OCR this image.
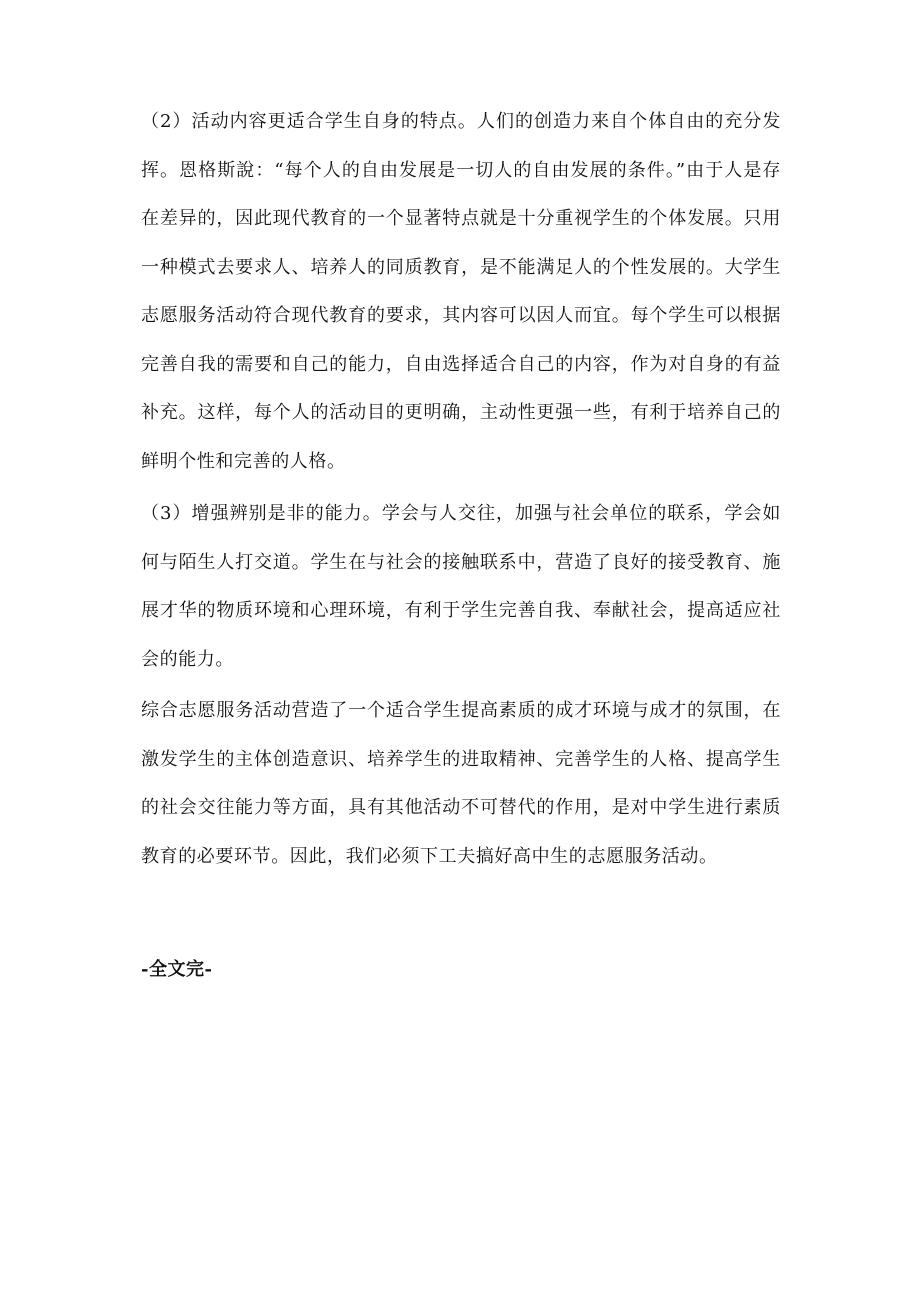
（2）活动内容更适合学生自身的特点。人们的创造力来自个体自由的充分发挥。恩格斯說：“每个人的自由发展是一切人的自由发展的条件。”由于人是存在差异的，因此现代教育的一个显著特点就是十分重视学生的个体发展。只用一种模式去要求人、培养人的同质教育，是不能满足人的个性发展的。大学生志愿服务活动符合现代教育的要求，其内容可以因人而宜。每个学生可以根据完善自我的需要和自己的能力，自由选择适合自己的内容，作为对自身的有益补充。这样，每个人的活动目的更明确，主动性更强一些，有利于培养自己的鲜明个性和完善的人格。

（3）增强辨别是非的能力。学会与人交往，加强与社会单位的联系，学会如何与陌生人打交道。学生在与社会的接触联系中，营造了良好的接受教育、施展才华的物质环境和心理环境，有利于学生完善自我、奉献社会，提高适应社会的能力。

综合志愿服务活动营造了一个适合学生提高素质的成才环境与成才的氛围，在激发学生的主体创造意识、培养学生的进取精神、完善学生的人格、提高学生的社会交往能力等方面，具有其他活动不可替代的作用，是对中学生进行素质教育的必要环节。因此，我们必须下工夫搞好高中生的志愿服务活动。

-全文完-
